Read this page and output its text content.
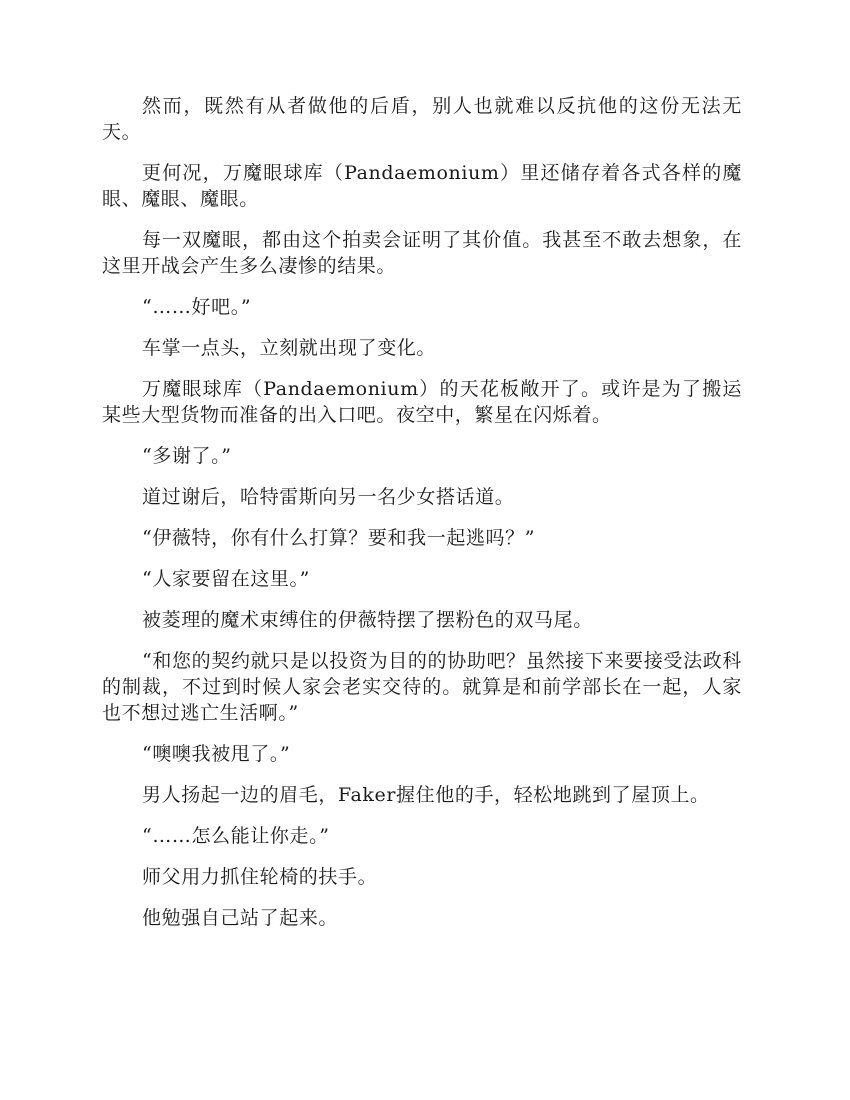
然而，既然有从者做他的后盾，别人也就难以反抗他的这份无法无天。

更何况，万魔眼球库（Pandaemonium）里还储存着各式各样的魔眼、魔眼、魔眼。

每一双魔眼，都由这个拍卖会证明了其价值。我甚至不敢去想象，在这里开战会产生多么凄惨的结果。

“……好吧。”

车掌一点头，立刻就出现了变化。

万魔眼球库（Pandaemonium）的天花板敞开了。或许是为了搬运某些大型货物而准备的出入口吧。夜空中，繁星在闪烁着。

“多谢了。”

道过谢后，哈特雷斯向另一名少女搭话道。

“伊薇特，你有什么打算？要和我一起逃吗？”

“人家要留在这里。”

被菱理的魔术束缚住的伊薇特摆了摆粉色的双马尾。

“和您的契约就只是以投资为目的的协助吧？虽然接下来要接受法政科的制裁，不过到时候人家会老实交待的。就算是和前学部长在一起，人家也不想过逃亡生活啊。”

“噢噢我被甩了。”

男人扬起一边的眉毛，Faker握住他的手，轻松地跳到了屋顶上。

“……怎么能让你走。”

师父用力抓住轮椅的扶手。

他勉强自己站了起来。
